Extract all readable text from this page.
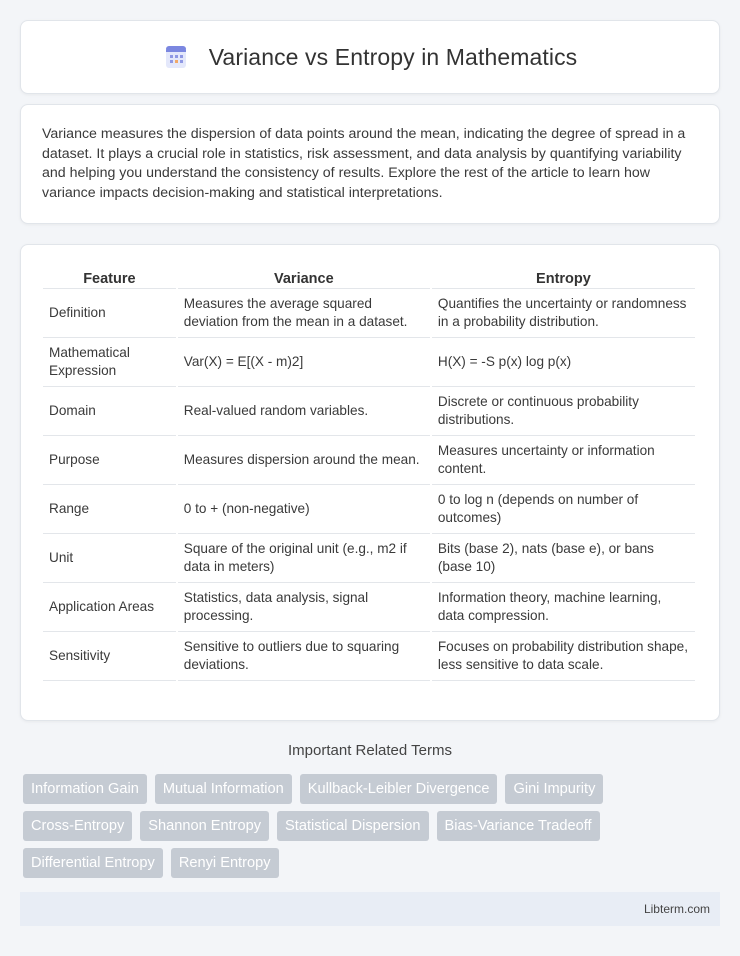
Variance vs Entropy in Mathematics

Variance measures the dispersion of data points around the mean, indicating the degree of spread in a dataset. It plays a crucial role in statistics, risk assessment, and data analysis by quantifying variability and helping you understand the consistency of results. Explore the rest of the article to learn how variance impacts decision-making and statistical interpretations.

Feature	Variance	Entropy
Definition	Measures the average squared deviation from the mean in a dataset.	Quantifies the uncertainty or randomness in a probability distribution.
Mathematical Expression	Var(X) = E[(X - m)2]	H(X) = -S p(x) log p(x)
Domain	Real-valued random variables.	Discrete or continuous probability distributions.
Purpose	Measures dispersion around the mean.	Measures uncertainty or information content.
Range	0 to + (non-negative)	0 to log n (depends on number of outcomes)
Unit	Square of the original unit (e.g., m2 if data in meters)	Bits (base 2), nats (base e), or bans (base 10)
Application Areas	Statistics, data analysis, signal processing.	Information theory, machine learning, data compression.
Sensitivity	Sensitive to outliers due to squaring deviations.	Focuses on probability distribution shape, less sensitive to data scale.
Important Related Terms
Information Gain	Mutual Information	Kullback-Leibler Divergence	Gini Impurity
Cross-Entropy	Shannon Entropy	Statistical Dispersion	Bias-Variance Tradeoff
Differential Entropy	Renyi Entropy
Libterm.com
